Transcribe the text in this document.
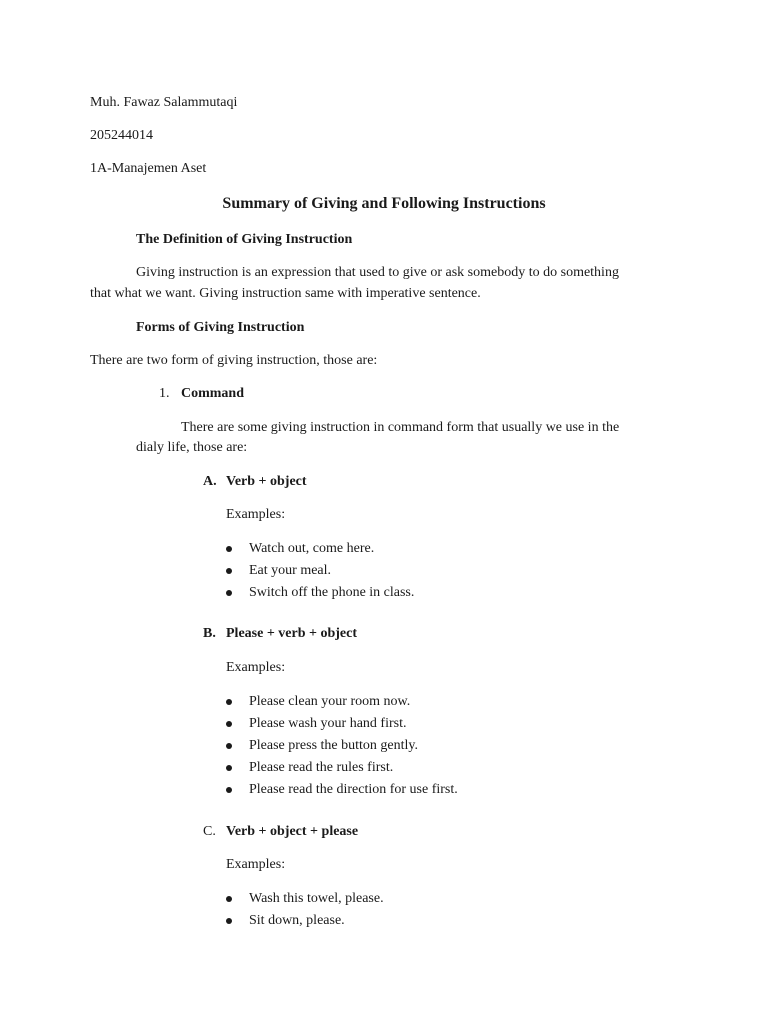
Muh. Fawaz Salammutaqi
205244014
1A-Manajemen Aset
Summary of Giving and Following Instructions
The Definition of Giving Instruction
Giving instruction is an expression that used to give or ask somebody to do something
that what we want. Giving instruction same with imperative sentence.
Forms of Giving Instruction
There are two form of giving instruction, those are:
1. Command
There are some giving instruction in command form that usually we use in the
dialy life, those are:
A. Verb + object
Examples:
Watch out, come here.
Eat your meal.
Switch off the phone in class.
B. Please + verb + object
Examples:
Please clean your room now.
Please wash your hand first.
Please press the button gently.
Please read the rules first.
Please read the direction for use first.
C. Verb + object + please
Examples:
Wash this towel, please.
Sit down, please.
